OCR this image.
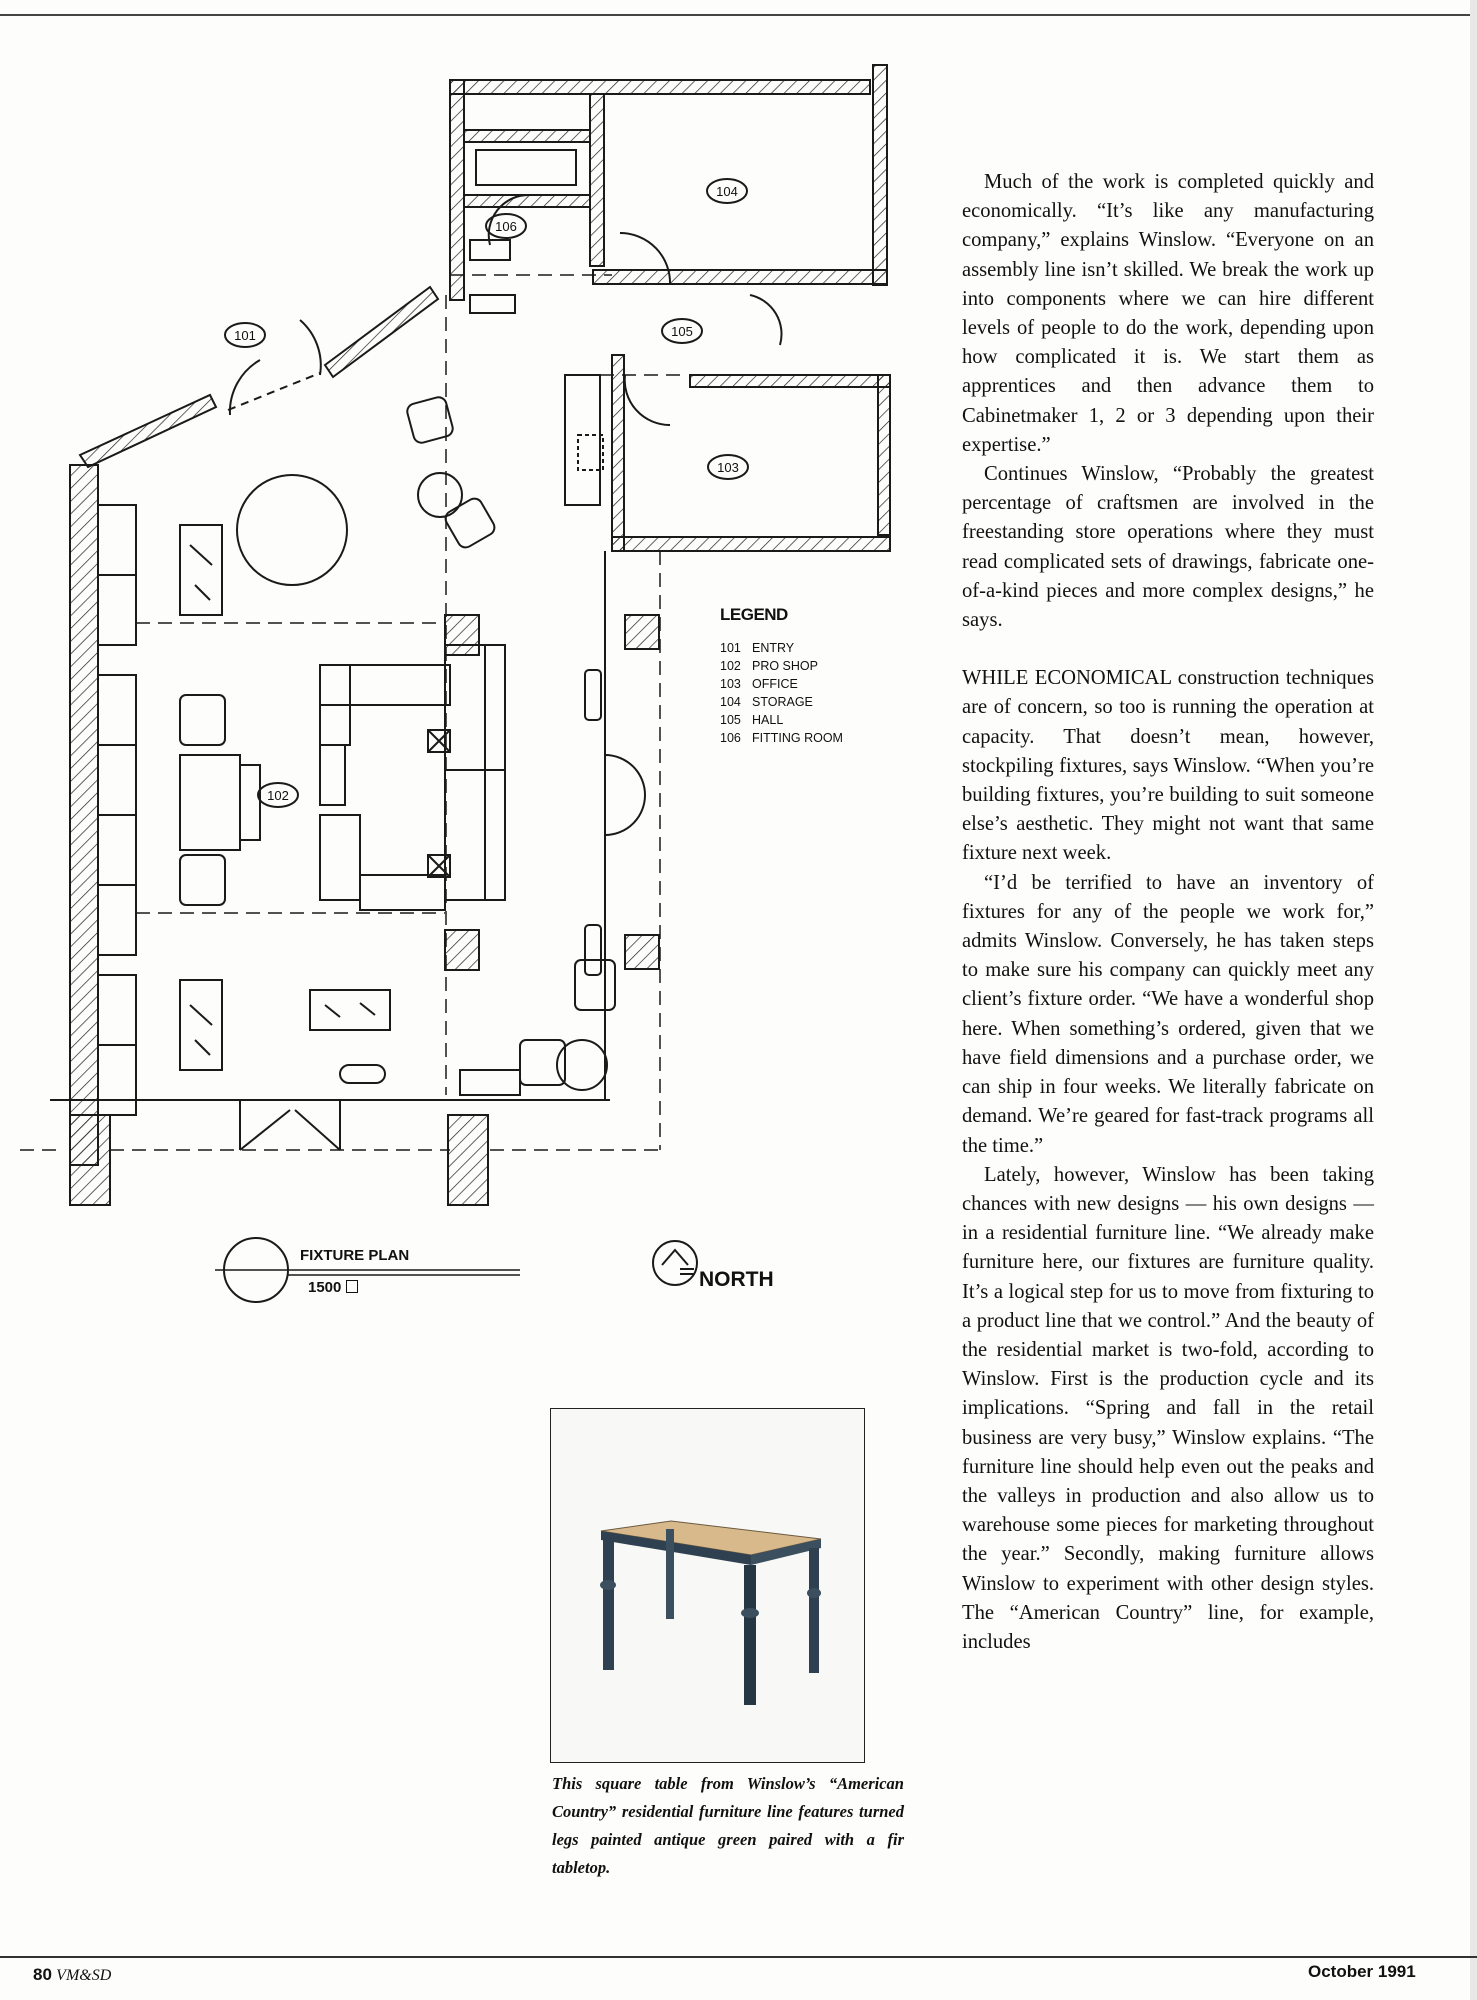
101
102
103
104
105
106
LEGEND
101 ENTRY
102 PRO SHOP
103 OFFICE
104 STORAGE
105 HALL
106 FITTING ROOM
FIXTURE PLAN
1500	NORTH

Much of the work is completed quickly and economically. “It’s like any manufacturing company,” explains Winslow. “Everyone on an assembly line isn’t skilled. We break the work up into components where we can hire different levels of people to do the work, depending upon how complicated it is. We start them as apprentices and then advance them to Cabinetmaker 1, 2 or 3 depending upon their expertise.”

Continues Winslow, “Probably the greatest percentage of craftsmen are involved in the freestanding store operations where they must read complicated sets of drawings, fabricate one-of-a-kind pieces and more complex designs,” he says.

WHILE ECONOMICAL construction techniques are of concern, so too is running the operation at capacity. That doesn’t mean, however, stockpiling fixtures, says Winslow. “When you’re building fixtures, you’re building to suit someone else’s aesthetic. They might not want that same fixture next week.

“I’d be terrified to have an inventory of fixtures for any of the people we work for,” admits Winslow. Conversely, he has taken steps to make sure his company can quickly meet any client’s fixture order. “We have a wonderful shop here. When something’s ordered, given that we have field dimensions and a purchase order, we can ship in four weeks. We literally fabricate on demand. We’re geared for fast-track programs all the time.”

Lately, however, Winslow has been taking chances with new designs — his own designs — in a residential furniture line. “We already make furniture here, our fixtures are furniture quality. It’s a logical step for us to move from fixturing to a product line that we control.” And the beauty of the residential market is two-fold, according to Winslow. First is the production cycle and its implications. “Spring and fall in the retail business are very busy,” Winslow explains. “The furniture line should help even out the peaks and the valleys in production and also allow us to warehouse some pieces for marketing throughout the year.” Secondly, making furniture allows Winslow to experiment with other design styles. The “American Country” line, for example, includes

This square table from Winslow’s “American Country” residential furniture line features turned legs painted antique green paired with a fir tabletop.
80 VM&SD	October 1991
